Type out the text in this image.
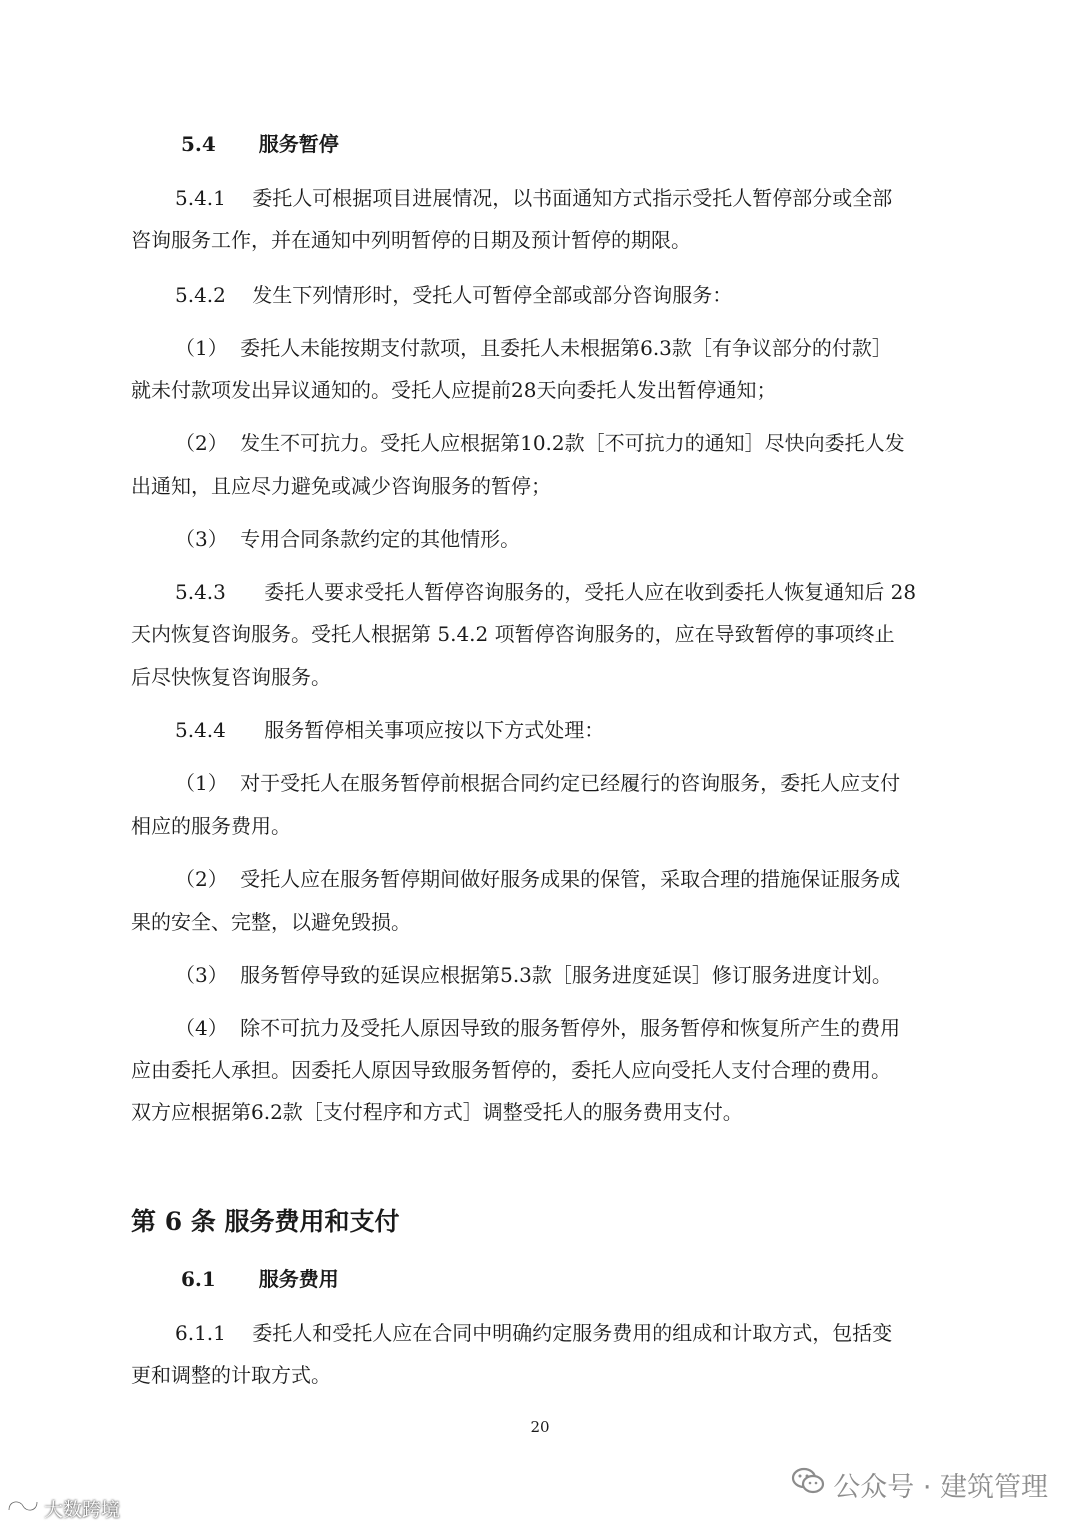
5.4 服务暂停
5.4.1 委托人可根据项目进展情况，以书面通知方式指示受托人暂停部分或全部
咨询服务工作，并在通知中列明暂停的日期及预计暂停的期限。
5.4.2 发生下列情形时，受托人可暂停全部或部分咨询服务：
（1） 委托人未能按期支付款项，且委托人未根据第6.3款［有争议部分的付款］
就未付款项发出异议通知的。受托人应提前28天向委托人发出暂停通知；
（2） 发生不可抗力。受托人应根据第10.2款［不可抗力的通知］尽快向委托人发
出通知，且应尽力避免或减少咨询服务的暂停；
（3） 专用合同条款约定的其他情形。
5.4.3 委托人要求受托人暂停咨询服务的，受托人应在收到委托人恢复通知后 28
天内恢复咨询服务。受托人根据第 5.4.2 项暂停咨询服务的，应在导致暂停的事项终止
后尽快恢复咨询服务。
5.4.4 服务暂停相关事项应按以下方式处理：
（1） 对于受托人在服务暂停前根据合同约定已经履行的咨询服务，委托人应支付
相应的服务费用。
（2） 受托人应在服务暂停期间做好服务成果的保管，采取合理的措施保证服务成
果的安全、完整，以避免毁损。
（3） 服务暂停导致的延误应根据第5.3款［服务进度延误］修订服务进度计划。
（4） 除不可抗力及受托人原因导致的服务暂停外，服务暂停和恢复所产生的费用
应由委托人承担。因委托人原因导致服务暂停的，委托人应向受托人支付合理的费用。
双方应根据第6.2款［支付程序和方式］调整受托人的服务费用支付。
第 6 条 服务费用和支付
6.1 服务费用
6.1.1 委托人和受托人应在合同中明确约定服务费用的组成和计取方式，包括变
更和调整的计取方式。
20
公众号 · 建筑管理
大数跨境
